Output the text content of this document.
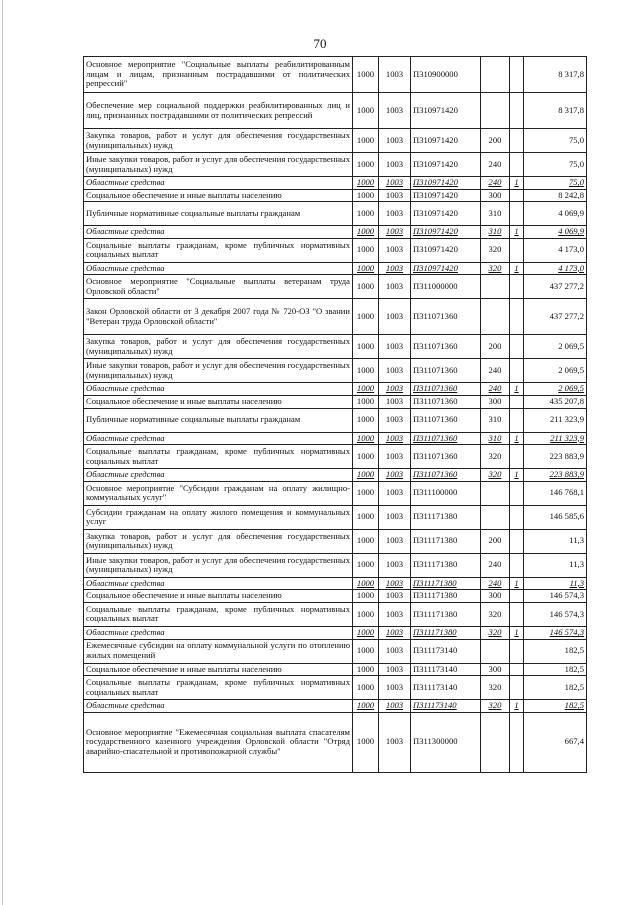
70
Основное мероприятие "Социальные выплаты реабилитированным лицам и лицам, признанным пострадавшими от политических репрессий"	1000	1003	П310900000			8 317,8
Обеспечение мер социальной поддержки реабилитированных лиц и лиц, признанных пострадавшими от политических репрессий	1000	1003	П310971420			8 317,8
Закупка товаров, работ и услуг для обеспечения государственных (муниципальных) нужд	1000	1003	П310971420	200		75,0
Иные закупки товаров, работ и услуг для обеспечения государственных (муниципальных) нужд	1000	1003	П310971420	240		75,0
Областные средства	1000	1003	П310971420	240	1	75,0
Социальное обеспечение и иные выплаты населению	1000	1003	П310971420	300		8 242,8
Публичные нормативные социальные выплаты гражданам	1000	1003	П310971420	310		4 069,9
Областные средства	1000	1003	П310971420	310	1	4 069,9
Социальные выплаты гражданам, кроме публичных нормативных социальных выплат	1000	1003	П310971420	320		4 173,0
Областные средства	1000	1003	П310971420	320	1	4 173,0
Основное мероприятие "Социальные выплаты ветеранам труда Орловской области"	1000	1003	П311000000			437 277,2
Закон Орловской области от 3 декабря 2007 года № 720-ОЗ "О звании "Ветеран труда Орловской области"	1000	1003	П311071360			437 277,2
Закупка товаров, работ и услуг для обеспечения государственных (муниципальных) нужд	1000	1003	П311071360	200		2 069,5
Иные закупки товаров, работ и услуг для обеспечения государственных (муниципальных) нужд	1000	1003	П311071360	240		2 069,5
Областные средства	1000	1003	П311071360	240	1	2 069,5
Социальное обеспечение и иные выплаты населению	1000	1003	П311071360	300		435 207,8
Публичные нормативные социальные выплаты гражданам	1000	1003	П311071360	310		211 323,9
Областные средства	1000	1003	П311071360	310	1	211 323,9
Социальные выплаты гражданам, кроме публичных нормативных социальных выплат	1000	1003	П311071360	320		223 883,9
Областные средства	1000	1003	П311071360	320	1	223 883,9
Основное мероприятие "Субсидии гражданам на оплату жилищно-коммунальных услуг"	1000	1003	П311100000			146 768,1
Субсидии гражданам на оплату жилого помещения и коммунальных услуг	1000	1003	П311171380			146 585,6
Закупка товаров, работ и услуг для обеспечения государственных (муниципальных) нужд	1000	1003	П311171380	200		11,3
Иные закупки товаров, работ и услуг для обеспечения государственных (муниципальных) нужд	1000	1003	П311171380	240		11,3
Областные средства	1000	1003	П311171380	240	1	11,3
Социальное обеспечение и иные выплаты населению	1000	1003	П311171380	300		146 574,3
Социальные выплаты гражданам, кроме публичных нормативных социальных выплат	1000	1003	П311171380	320		146 574,3
Областные средства	1000	1003	П311171380	320	1	146 574,3
Ежемесячные субсидии на оплату коммунальной услуги по отоплению жилых помещений	1000	1003	П311173140			182,5
Социальное обеспечение и иные выплаты населению	1000	1003	П311173140	300		182,5
Социальные выплаты гражданам, кроме публичных нормативных социальных выплат	1000	1003	П311173140	320		182,5
Областные средства	1000	1003	П311173140	320	1	182,5
Основное мероприятие "Ежемесячная социальная выплата спасателям государственного казенного учреждения Орловской области "Отряд аварийно-спасательной и противопожарной службы"	1000	1003	П311300000			667,4
